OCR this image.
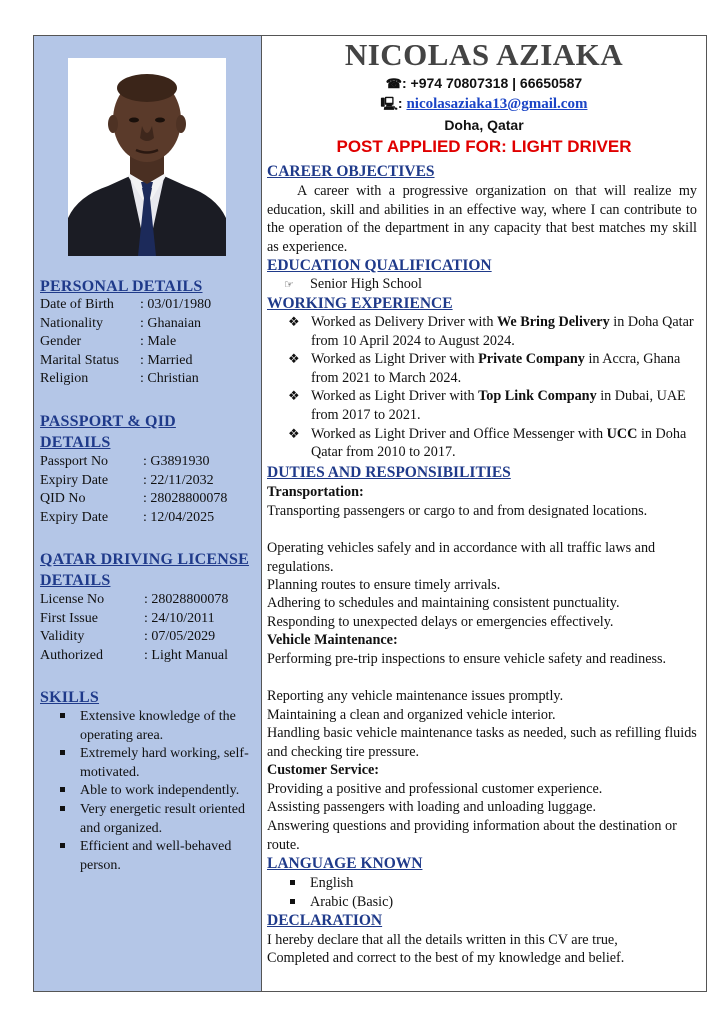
PERSONAL DETAILS
Date of Birth : 03/01/1980
Nationality	: Ghanaian
Gender	: Male
Marital Status : Married
Religion	: Christian
PASSPORT & QID
DETAILS
Passport No : G3891930
Expiry Date : 22/11/2032
QID No	: 28028800078
Expiry Date : 12/04/2025
QATAR DRIVING LICENSE
DETAILS
License No	: 28028800078
First Issue	: 24/10/2011
Validity	: 07/05/2029
Authorized	: Light Manual
SKILLS
Extensive knowledge of the operating area.
Extremely hard working, self-motivated.
Able to work independently.
Very energetic result oriented and organized.
Efficient and well-behaved person.
NICOLAS AZIAKA
☎: +974 70807318 | 66650587
🖳: nicolasaziaka13@gmail.com
Doha, Qatar
POST APPLIED FOR: LIGHT DRIVER
CAREER OBJECTIVES
A career with a progressive organization on that will realize my education, skill and abilities in an effective way, where I can contribute to the operation of the department in any capacity that best matches my skill as experience.
EDUCATION QUALIFICATION
☞ Senior High School
WORKING EXPERIENCE
❖ Worked as Delivery Driver with We Bring Delivery in Doha Qatar from 10 April 2024 to August 2024.
❖ Worked as Light Driver with Private Company in Accra, Ghana from 2021 to March 2024.
❖ Worked as Light Driver with Top Link Company in Dubai, UAE from 2017 to 2021.
❖ Worked as Light Driver and Office Messenger with UCC in Doha Qatar from 2010 to 2017.
DUTIES AND RESPONSIBILITIES
Transportation:
Transporting passengers or cargo to and from designated locations.
Operating vehicles safely and in accordance with all traffic laws and regulations.
Planning routes to ensure timely arrivals.
Adhering to schedules and maintaining consistent punctuality.
Responding to unexpected delays or emergencies effectively.
Vehicle Maintenance:
Performing pre-trip inspections to ensure vehicle safety and readiness.
Reporting any vehicle maintenance issues promptly.
Maintaining a clean and organized vehicle interior.
Handling basic vehicle maintenance tasks as needed, such as refilling fluids and checking tire pressure.
Customer Service:
Providing a positive and professional customer experience.
Assisting passengers with loading and unloading luggage.
Answering questions and providing information about the destination or route.
LANGUAGE KNOWN
English
Arabic (Basic)
DECLARATION
I hereby declare that all the details written in this CV are true,
Completed and correct to the best of my knowledge and belief.
